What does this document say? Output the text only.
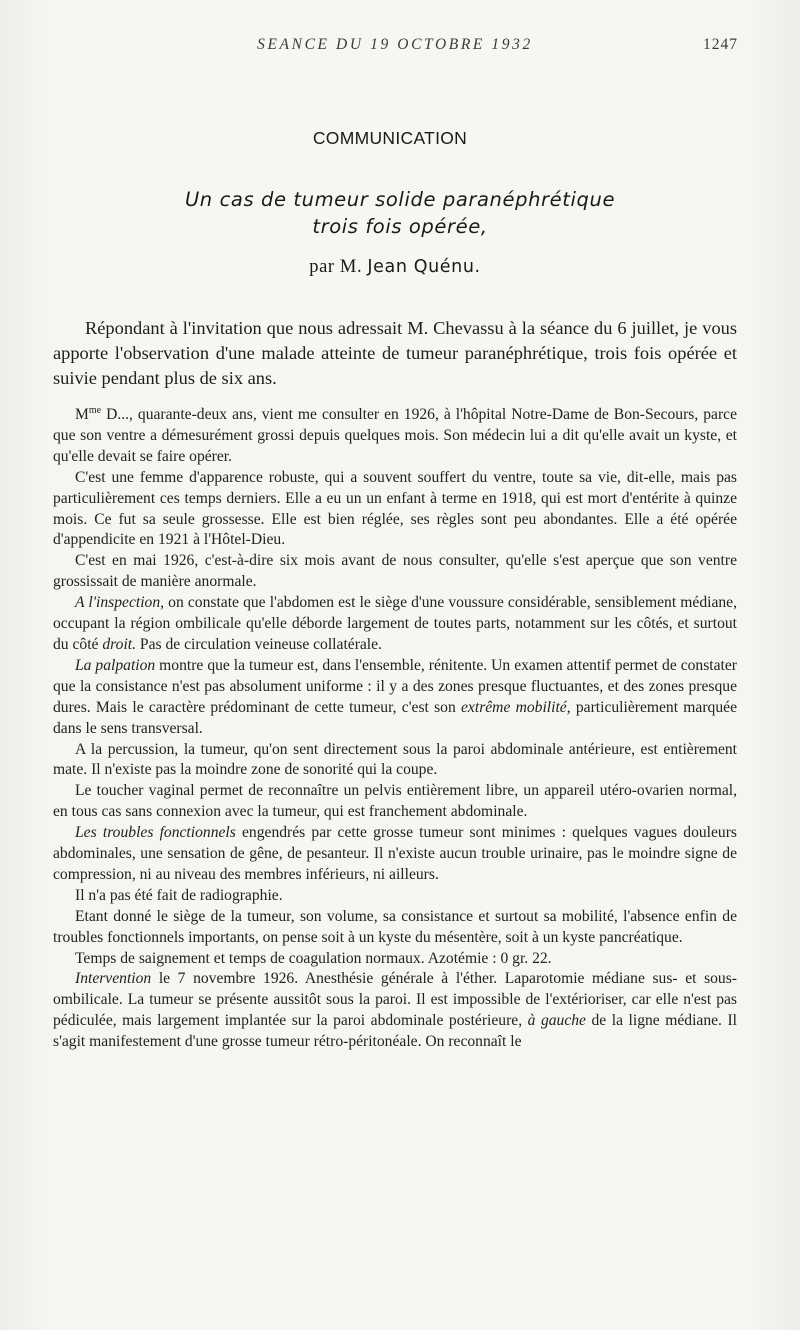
SEANCE DU 19 OCTOBRE 1932	1247
COMMUNICATION
Un cas de tumeur solide paranéphrétique
trois fois opérée,
par M. Jean Quénu.

Répondant à l'invitation que nous adressait M. Chevassu à la séance du 6 juillet, je vous apporte l'observation d'une malade atteinte de tumeur paranéphrétique, trois fois opérée et suivie pendant plus de six ans.

$M^{me}$ D..., quarante-deux ans, vient me consulter en 1926, à l'hôpital Notre-Dame de Bon-Secours, parce que son ventre a démesurément grossi depuis quelques mois. Son médecin lui a dit qu'elle avait un kyste, et qu'elle devait se faire opérer.

C'est une femme d'apparence robuste, qui a souvent souffert du ventre, toute sa vie, dit-elle, mais pas particulièrement ces temps derniers. Elle a eu un un enfant à terme en 1918, qui est mort d'entérite à quinze mois. Ce fut sa seule grossesse. Elle est bien réglée, ses règles sont peu abondantes. Elle a été opérée d'appendicite en 1921 à l'Hôtel-Dieu.

C'est en mai 1926, c'est-à-dire six mois avant de nous consulter, qu'elle s'est aperçue que son ventre grossissait de manière anormale.

A l'inspection, on constate que l'abdomen est le siège d'une voussure considérable, sensiblement médiane, occupant la région ombilicale qu'elle déborde largement de toutes parts, notamment sur les côtés, et surtout du côté droit. Pas de circulation veineuse collatérale.

La palpation montre que la tumeur est, dans l'ensemble, rénitente. Un examen attentif permet de constater que la consistance n'est pas absolument uniforme : il y a des zones presque fluctuantes, et des zones presque dures. Mais le caractère prédominant de cette tumeur, c'est son extrême mobilité, particulièrement marquée dans le sens transversal.

A la percussion, la tumeur, qu'on sent directement sous la paroi abdominale antérieure, est entièrement mate. Il n'existe pas la moindre zone de sonorité qui la coupe.

Le toucher vaginal permet de reconnaître un pelvis entièrement libre, un appareil utéro-ovarien normal, en tous cas sans connexion avec la tumeur, qui est franchement abdominale.

Les troubles fonctionnels engendrés par cette grosse tumeur sont minimes : quelques vagues douleurs abdominales, une sensation de gêne, de pesanteur. Il n'existe aucun trouble urinaire, pas le moindre signe de compression, ni au niveau des membres inférieurs, ni ailleurs.

Il n'a pas été fait de radiographie.

Etant donné le siège de la tumeur, son volume, sa consistance et surtout sa mobilité, l'absence enfin de troubles fonctionnels importants, on pense soit à un kyste du mésentère, soit à un kyste pancréatique.

Temps de saignement et temps de coagulation normaux. Azotémie : 0 gr. 22.

Intervention le 7 novembre 1926. Anesthésie générale à l'éther. Laparotomie médiane sus- et sous-ombilicale. La tumeur se présente aussitôt sous la paroi. Il est impossible de l'extérioriser, car elle n'est pas pédiculée, mais largement implantée sur la paroi abdominale postérieure, à gauche de la ligne médiane. Il s'agit manifestement d'une grosse tumeur rétro-péritonéale. On reconnaît le
